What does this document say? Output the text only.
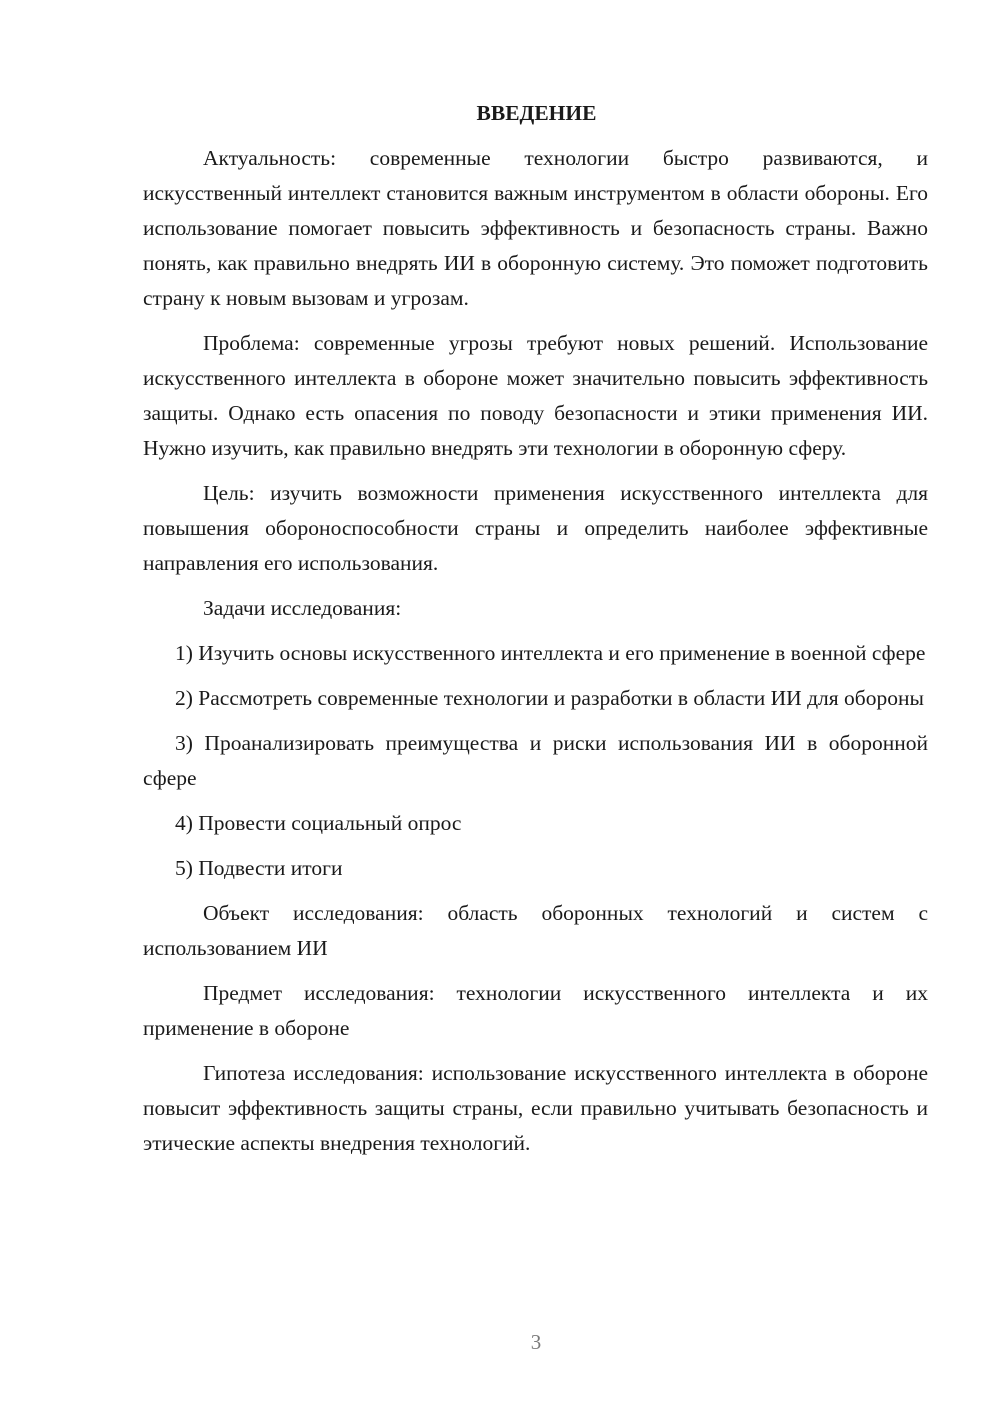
ВВЕДЕНИЕ

Актуальность: современные технологии быстро развиваются, и искусственный интеллект становится важным инструментом в области обороны. Его использование помогает повысить эффективность и безопасность страны. Важно понять, как правильно внедрять ИИ в оборонную систему. Это поможет подготовить страну к новым вызовам и угрозам.

Проблема: современные угрозы требуют новых решений. Использование искусственного интеллекта в обороне может значительно повысить эффективность защиты. Однако есть опасения по поводу безопасности и этики применения ИИ. Нужно изучить, как правильно внедрять эти технологии в оборонную сферу.

Цель: изучить возможности применения искусственного интеллекта для повышения обороноспособности страны и определить наиболее эффективные направления его использования.

Задачи исследования:

1) Изучить основы искусственного интеллекта и его применение в военной сфере

2) Рассмотреть современные технологии и разработки в области ИИ для обороны

3) Проанализировать преимущества и риски использования ИИ в оборонной сфере

4) Провести социальный опрос

5) Подвести итоги

Объект исследования: область оборонных технологий и систем с использованием ИИ

Предмет исследования: технологии искусственного интеллекта и их применение в обороне

Гипотеза исследования: использование искусственного интеллекта в обороне повысит эффективность защиты страны, если правильно учитывать безопасность и этические аспекты внедрения технологий.

3
